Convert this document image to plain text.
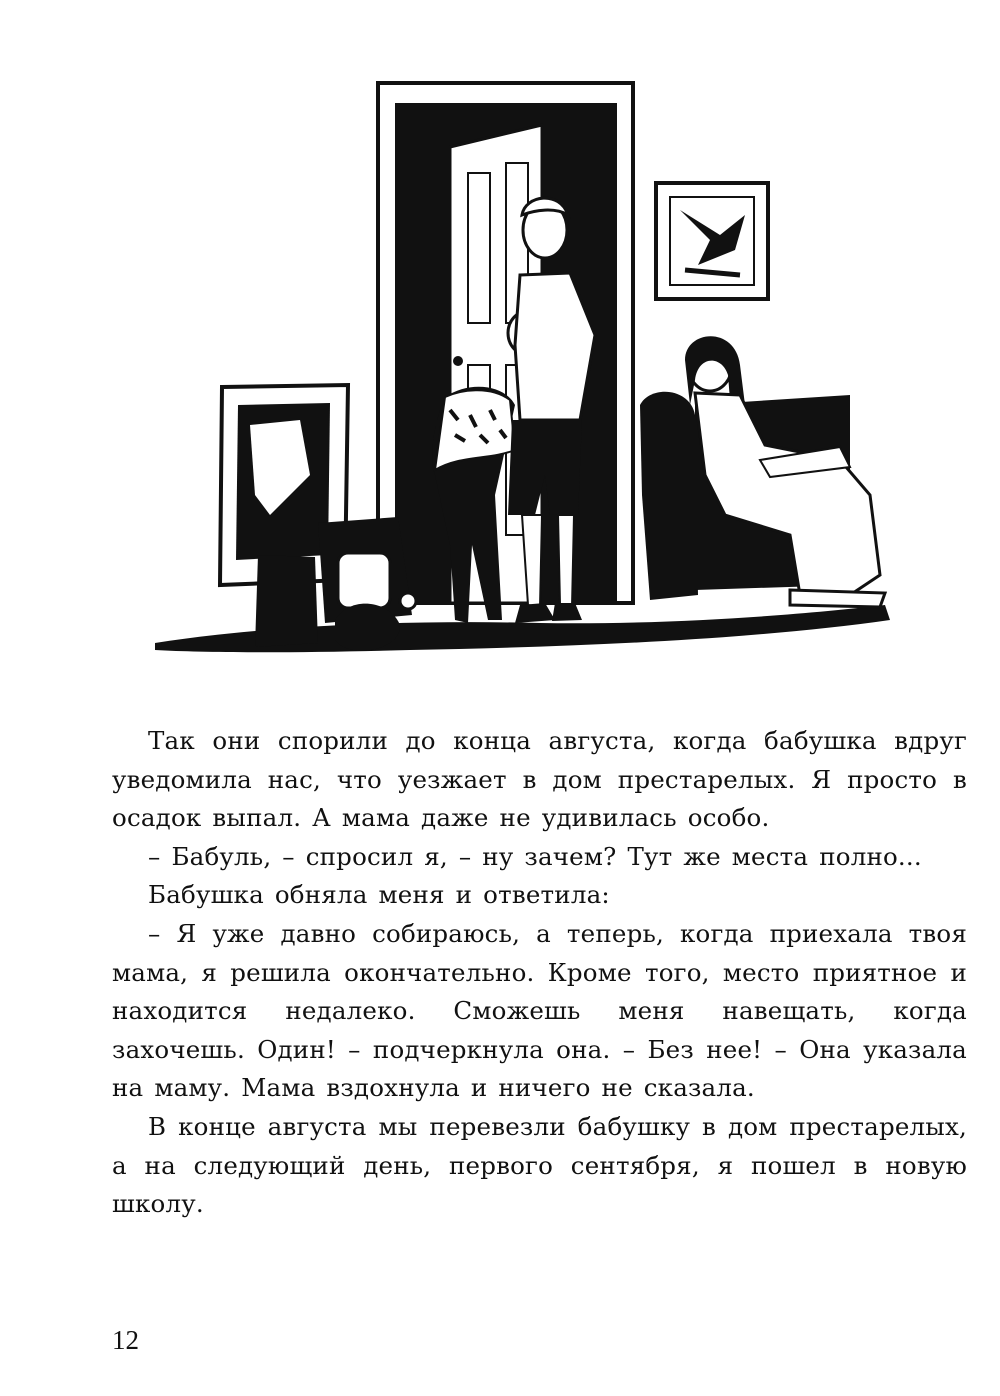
Так они спорили до конца августа, когда бабушка вдруг уведомила нас, что уезжает в дом престарелых. Я просто в осадок выпал. А мама даже не удивилась особо.

– Бабуль, – спросил я, – ну зачем? Тут же места полно...

Бабушка обняла меня и ответила:

– Я уже давно собираюсь, а теперь, когда приехала твоя мама, я решила окончательно. Кроме того, место приятное и находится недалеко. Сможешь меня навещать, когда захочешь. Один! – подчеркнула она. – Без нее! – Она указала на маму. Мама вздохнула и ничего не сказала.

В конце августа мы перевезли бабушку в дом престарелых, а на следующий день, первого сентября, я пошел в новую школу.

12
